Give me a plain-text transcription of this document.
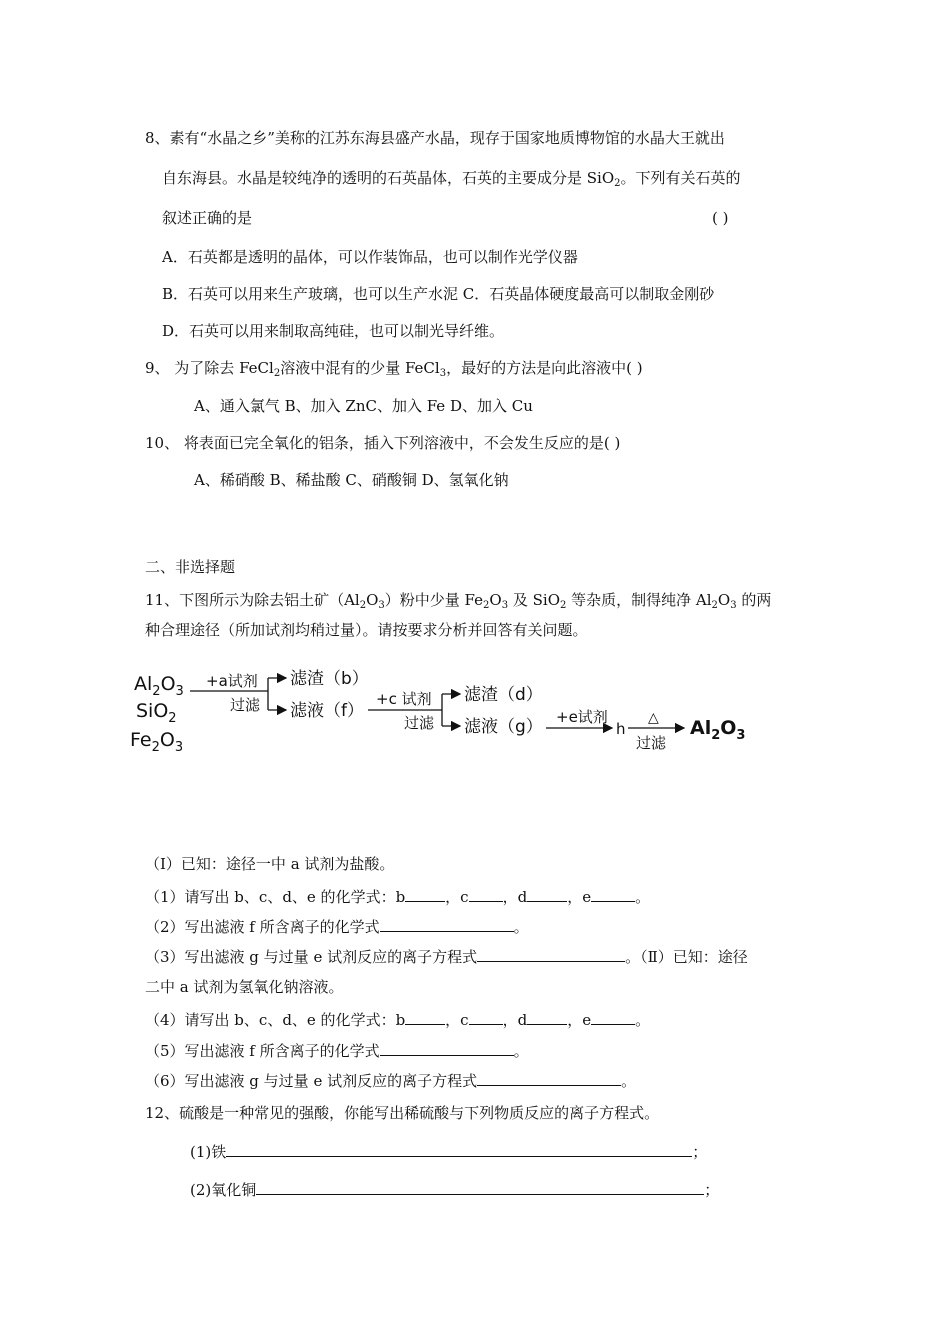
8、素有“水晶之乡”美称的江苏东海县盛产水晶，现存于国家地质博物馆的水晶大王就出
自东海县。水晶是较纯净的透明的石英晶体，石英的主要成分是 SiO$_2$。下列有关石英的
叙述正确的是	( )
A．石英都是透明的晶体，可以作装饰品，也可以制作光学仪器
B．石英可以用来生产玻璃，也可以生产水泥 C．石英晶体硬度最高可以制取金刚砂
D．石英可以用来制取高纯硅，也可以制光导纤维。
9、 为了除去 FeCl$_2$溶液中混有的少量 FeCl$_3$，最好的方法是向此溶液中( )
A、通入氯气 B、加入 ZnC、加入 Fe D、加入 Cu
10、 将表面已完全氧化的铝条，插入下列溶液中，不会发生反应的是( )
A、稀硝酸 B、稀盐酸 C、硝酸铜 D、氢氧化钠
二、非选择题
11、下图所示为除去铝土矿$(Al_2O_3)$粉中少量 $Fe_2O_3$ 及 SiO$_2$ 等杂质，制得纯净 $Al_2O_3$ 的两
种合理途径（所加试剂均稍过量）。请按要求分析并回答有关问题。
$Al_2O_3$
SiO$_2$
$Fe_2O_3$
+a试剂
过滤
滤渣（b）
滤液（f）
+c 试剂
过滤
滤渣（d）
滤液（g） +e试剂
h
△
过滤
$Al_2O_3$
（Ⅰ）已知：途径一中 a 试剂为盐酸。
（1）请写出 b、c、d、e 的化学式：b	，c ，d	，e	。
（2）写出滤液 f 所含离子的化学式	。
（3）写出滤液 g 与过量 e 试剂反应的离子方程式	。（Ⅱ）已知：途径
二中 a 试剂为氢氧化钠溶液。
（4）请写出 b、c、d、e 的化学式：b	，c ，d	，e	。
（5）写出滤液 f 所含离子的化学式	。
（6）写出滤液 g 与过量 e 试剂反应的离子方程式	。
12、硫酸是一种常见的强酸，你能写出稀硫酸与下列物质反应的离子方程式。
(1)铁	；
(2)氧化铜	；
